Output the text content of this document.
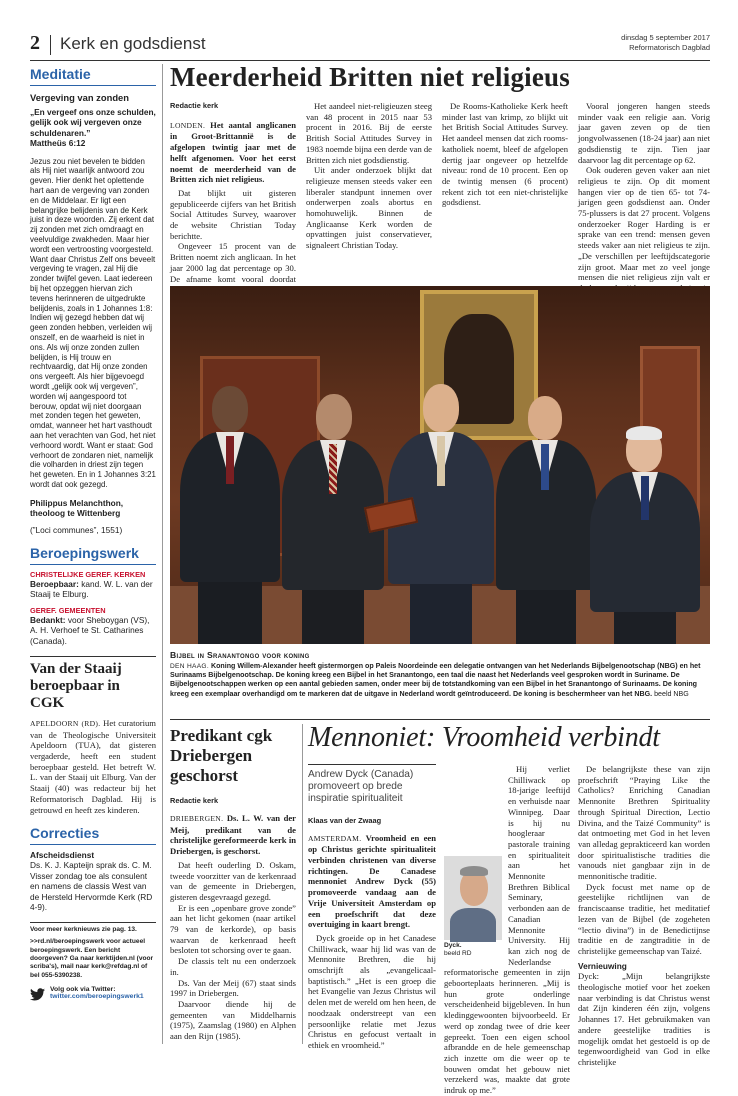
2 Kerk en godsdienst	dinsdag 5 september 2017
Reformatorisch Dagblad
Meditatie
Vergeving van zonden
„En vergeef ons onze schulden, gelijk ook wij vergeven onze schuldenaren.”
Mattheüs 6:12
Jezus zou niet bevelen te bidden als Hij niet waarlijk antwoord zou geven. Hier denkt het oplettende hart aan de vergeving van zonden en de Middelaar. Er ligt een belangrijke belijdenis van de Kerk juist in deze woorden. Zij erkent dat zij zonden met zich omdraagt en veelvuldige zwakheden. Maar hier wordt een vertroosting voorgesteld. Want daar Christus Zelf ons beveelt vergeving te vragen, zal Hij die zonder twijfel geven. Laat iedereen bij het opzeggen hiervan zich tevens herinneren de uitgedrukte belijdenis, zoals in 1 Johannes 1:8: Indien wij gezegd hebben dat wij geen zonden hebben, verleiden wij onszelf, en de waarheid is niet in ons. Als wij onze zonden zullen belijden, is Hij trouw en rechtvaardig, dat Hij onze zonden ons vergeeft. Als hier bijgevoegd wordt „gelijk ook wij vergeven”, worden wij aangespoord tot berouw, opdat wij niet doorgaan met zonden tegen het geweten, omdat, wanneer het hart vasthoudt aan het verachten van God, het niet verhoord wordt. Want er staat: God verhoort de zondaren niet, namelijk die volharden in driest zijn tegen het geweten. En in 1 Johannes 3:21 wordt dat ook gezegd.
Philippus Melanchthon,
theoloog te Wittenberg
(”Loci communes”, 1551)
Beroepingswerk
CHRISTELIJKE GEREF. KERKEN
Beroepbaar: kand. W. L. van der Staaij te Elburg.
GEREF. GEMEENTEN
Bedankt: voor Sheboygan (VS), A. H. Verhoef te St. Catharines (Canada).
Van der Staaij beroepbaar in CGK
APELDOORN (RD). Het curatorium van de Theologische Universiteit Apeldoorn (TUA), dat gisteren vergaderde, heeft een student beroepbaar gesteld. Het betreft W. L. van der Staaij uit Elburg. Van der Staaij (40) was redacteur bij het Reformatorisch Dagblad. Hij is getrouwd en heeft zes kinderen.
Correcties
Afscheidsdienst
Ds. K. J. Kapteijn sprak ds. C. M. Visser zondag toe als consulent en namens de classis West van de Hersteld Hervormde Kerk (RD 4-9).
Voor meer kerknieuws zie pag. 13.
>>rd.nl/beroepingswerk voor actueel beroepingswerk. Een bericht doorgeven? Ga naar kerktijden.nl (voor scriba's), mail naar kerk@refdag.nl of bel 055-5390238.
Volg ook via Twitter:
twitter.com/beroepingswerk1
Meerderheid Britten niet religieus
Redactie kerk

LONDEN. Het aantal anglicanen in Groot-Brittannië is de afgelopen twintig jaar met de helft afgenomen. Voor het eerst noemt de meerderheid van de Britten zich niet religieus.

Dat blijkt uit gisteren gepubliceerde cijfers van het British Social Attitudes Survey, waarover de website Christian Today berichtte.

Ongeveer 15 procent van de Britten noemt zich anglicaan. In het jaar 2000 lag dat percentage op 30. De afname komt vooral doordat

Het aandeel niet-religieuzen steeg van 48 procent in 2015 naar 53 procent in 2016. Bij de eerste British Social Attitudes Survey in 1983 noemde bijna een derde van de Britten zich niet godsdienstig.

Uit ander onderzoek blijkt dat religieuze mensen steeds vaker een liberaler standpunt innemen over onderwerpen zoals abortus en homohuwelijk. Binnen de Anglicaanse Kerk worden de opvattingen juist conservatiever, signaleert Christian Today.

De Rooms-Katholieke Kerk heeft minder last van krimp, zo blijkt uit het British Social Attitudes Survey. Het aandeel mensen dat zich rooms-katholiek noemt, bleef de afgelopen dertig jaar ongeveer op hetzelfde niveau: rond de 10 procent. Een op de twintig mensen (6 procent) rekent zich tot een niet-christelijke godsdienst.

Vooral jongeren hangen steeds minder vaak een religie aan. Vorig jaar gaven zeven op de tien jongvolwassenen (18-24 jaar) aan niet godsdienstig te zijn. Tien jaar daarvoor lag dit percentage op 62.

Ook ouderen geven vaker aan niet religieus te zijn. Op dit moment hangen vier op de tien 65- tot 74-jarigen geen godsdienst aan. Onder 75-plussers is dat 27 procent. Volgens onderzoeker Roger Harding is er sprake van een trend: mensen geven steeds vaker aan niet religieus te zijn. „De verschillen per leeftijdscategorie zijn groot. Maar met zo veel jonge mensen die niet religieus zijn valt er

Bijbel in Sranantongo voor koning
DEN HAAG. Koning Willem-Alexander heeft gistermorgen op Paleis Noordeinde een delegatie ontvangen van het Nederlands Bijbelgenootschap (NBG) en het Surinaams Bijbelgenootschap. De koning kreeg een Bijbel in het Sranantongo, een taal die naast het Nederlands veel gesproken wordt in Suriname. De Bijbelgenootschappen werken op een aantal gebieden samen, onder meer bij de totstandkoming van een Bijbel in het Sranantongo of Surinaams. De koning kreeg een exemplaar overhandigd om te markeren dat de uitgave in Nederland wordt geïntroduceerd. De koning is beschermheer van het NBG. beeld NBG
Predikant cgk Driebergen geschorst
Redactie kerk

DRIEBERGEN. Ds. L. W. van der Meij, predikant van de christelijke gereformeerde kerk in Driebergen, is geschorst.

Dat heeft ouderling D. Oskam, tweede voorzitter van de kerkenraad van de gemeente in Driebergen, gisteren desgevraagd gezegd.

Er is een „openbare grove zonde” aan het licht gekomen (naar artikel 79 van de kerkorde), op basis waarvan de kerkenraad heeft besloten tot schorsing over te gaan.

De classis telt nu een onderzoek in.

Ds. Van der Meij (67) staat sinds 1997 in Driebergen.

Daarvoor diende hij de gemeenten van Middelharnis (1975), Zaamslag (1980) en Alphen aan den Rijn (1985).

Mennoniet: Vroomheid verbindt
Andrew Dyck (Canada) promoveert op brede inspiratie spiritualiteit
Klaas van der Zwaag

AMSTERDAM. Vroomheid en een op Christus gerichte spiritualiteit verbinden christenen van diverse richtingen. De Canadese mennoniet Andrew Dyck (55) promoveerde vandaag aan de Vrije Universiteit Amsterdam op een proefschrift dat deze overtuiging in kaart brengt.

Dyck groeide op in het Canadese Chilliwack, waar hij lid was van de Mennonite Brethren, die hij omschrijft als „evangelicaal-baptistisch.” „Het is een groep die het Evangelie van Jezus Christus wil delen met de wereld om hen heen, de noodzaak onderstreept van een persoonlijke relatie met Jezus Christus en gefocust vertaalt in ethiek en vroomheid.”

Dyck.
beeld RD

Hij verliet Chilliwack op 18-jarige leeftijd en verhuisde naar Winnipeg. Daar is hij nu hoogleraar pastorale training en spiritualiteit aan het Mennonite Brethren Biblical Seminary, verbonden aan de Canadian Mennonite University. Hij kan zich nog de Nederlandse reformatorische gemeenten in zijn geboorteplaats herinneren. „Mij is hun grote onderlinge verscheidenheid bijgebleven. In hun kledinggewoonten bijvoorbeeld. Er werd op zondag twee of drie keer gepreekt. Toen een eigen school afbrandde en de hele gemeenschap zich inzette om die weer op te bouwen omdat het gebouw niet verzekerd was, maakte dat grote indruk op me.”

De belangrijkste these van zijn proefschrift “Praying Like the Catholics? Enriching Canadian Mennonite Brethren Spirituality through Spiritual Direction, Lectio Divina, and the Taizé Community” is dat ontmoeting met God in het leven van alledag geprakticeerd kan worden door spiritualistische tradities die vanouds niet gangbaar zijn in de mennonitische traditie.

Dyck focust met name op de geestelijke richtlijnen van de franciscaanse traditie, het meditatief lezen van de Bijbel (de zogeheten “lectio divina”) in de Benedictijnse traditie en de zangtraditie in de christelijke gemeenschap van Taizé.

Vernieuwing

Dyck: „Mijn belangrijkste theologische motief voor het zoeken naar verbinding is dat Christus wenst dat Zijn kinderen één zijn, volgens Johannes 17. Het gebruikmaken van andere geestelijke tradities is mogelijk omdat het gestoeld is op de tegenwoordigheid van God in elke christelijke
